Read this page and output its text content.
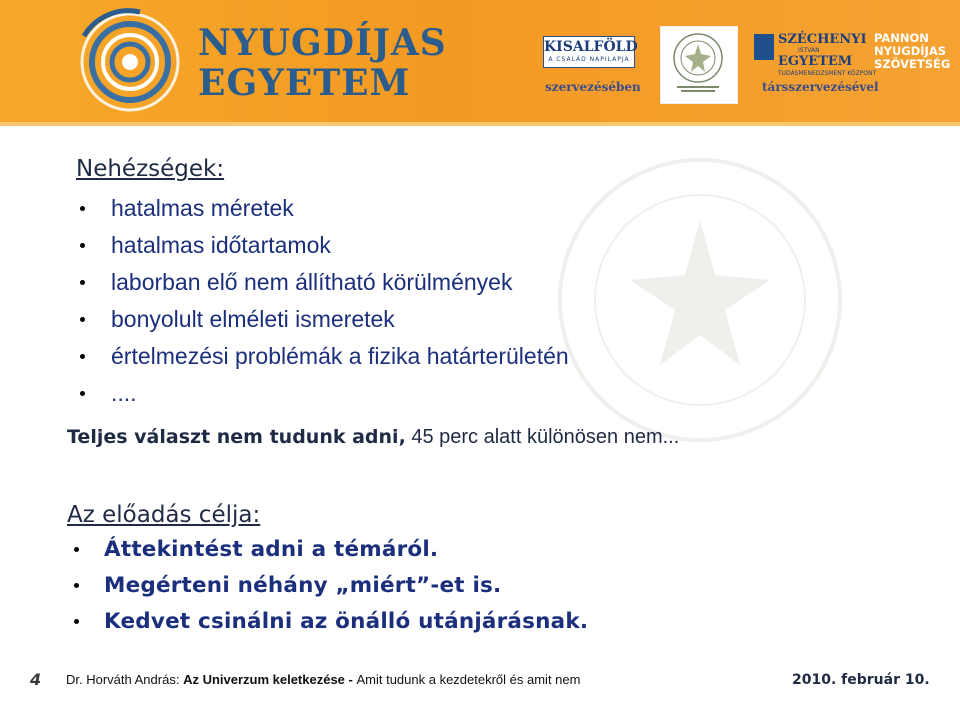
NYUGDÍJAS
EGYETEM
KISALFÖLD
A CSALÁD NAPILAPJA
szervezésében
SZÉCHENYI
ISTVÁN
EGYETEM
TUDÁSMENEDZSMENT KÖZPONT
társszervezésével
PANNON
NYUGDÍJAS
SZÖVETSÉG
Nehézségek:
hatalmas méretek
hatalmas időtartamok
laborban elő nem állítható körülmények
bonyolult elméleti ismeretek
értelmezési problémák a fizika határterületén
....
Teljes választ nem tudunk adni, 45 perc alatt különösen nem...
Az előadás célja:
Áttekintést adni a témáról.
Megérteni néhány „miért”-et is.
Kedvet csinálni az önálló utánjárásnak.
4 Dr. Horváth András: Az Univerzum keletkezése - Amit tudunk a kezdetekről és amit nem	2010. február 10.
